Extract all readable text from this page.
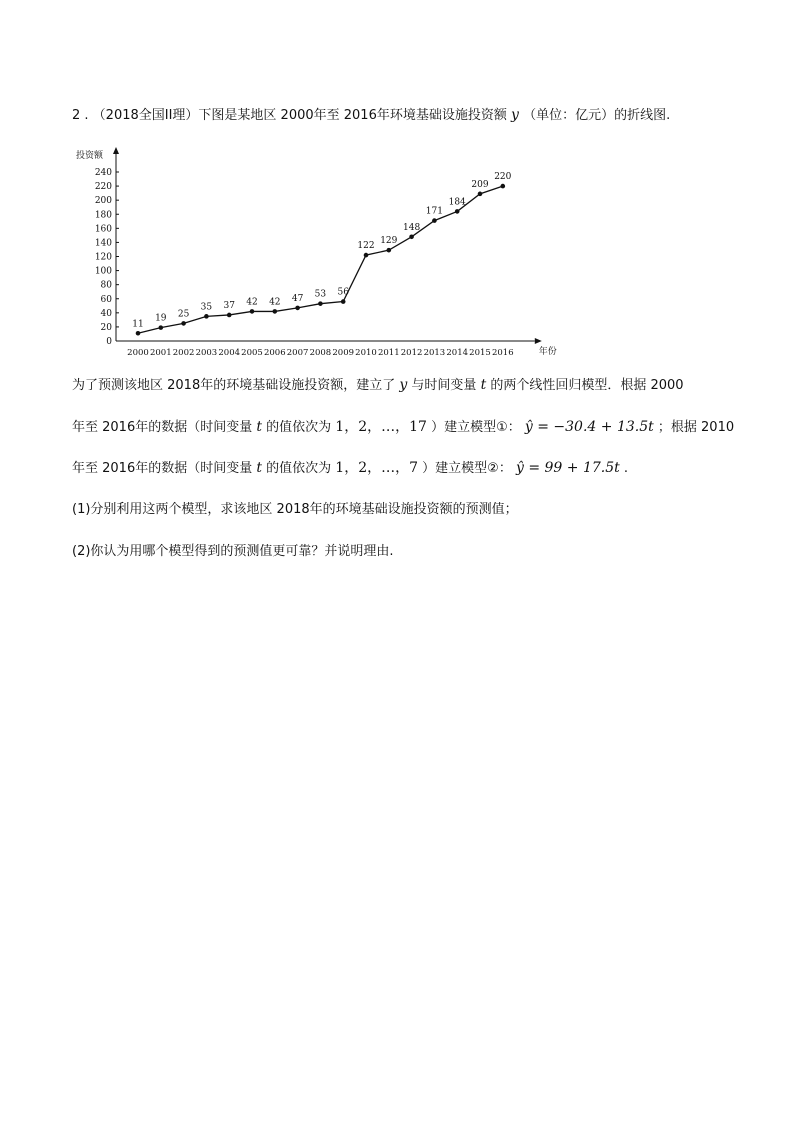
2 . （2018全国II理）下图是某地区 2000年至 2016年环境基础设施投资额 y （单位：亿元）的折线图.
投资额
0
20
40
60
80
100
120
140
160
180
200
220
240
2000 2001 2002 2003 2004 2005 2006 2007 2008 2009 2010 2011 2012 2013 2014 2015 2016	年份
11
19 25
35 37 42 42 47 53 56
122 129
148
171
184
209
220
为了预测该地区 2018年的环境基础设施投资额，建立了 y 与时间变量 t 的两个线性回归模型．根据 2000
年至 2016年的数据（时间变量 t 的值依次为 1，2，…，17 ）建立模型①： ŷ = −30.4 + 13.5t ；根据 2010
年至 2016年的数据（时间变量 t 的值依次为 1，2，…，7 ）建立模型②： ŷ = 99 + 17.5t .
(1)分别利用这两个模型，求该地区 2018年的环境基础设施投资额的预测值；
(2)你认为用哪个模型得到的预测值更可靠？并说明理由.
